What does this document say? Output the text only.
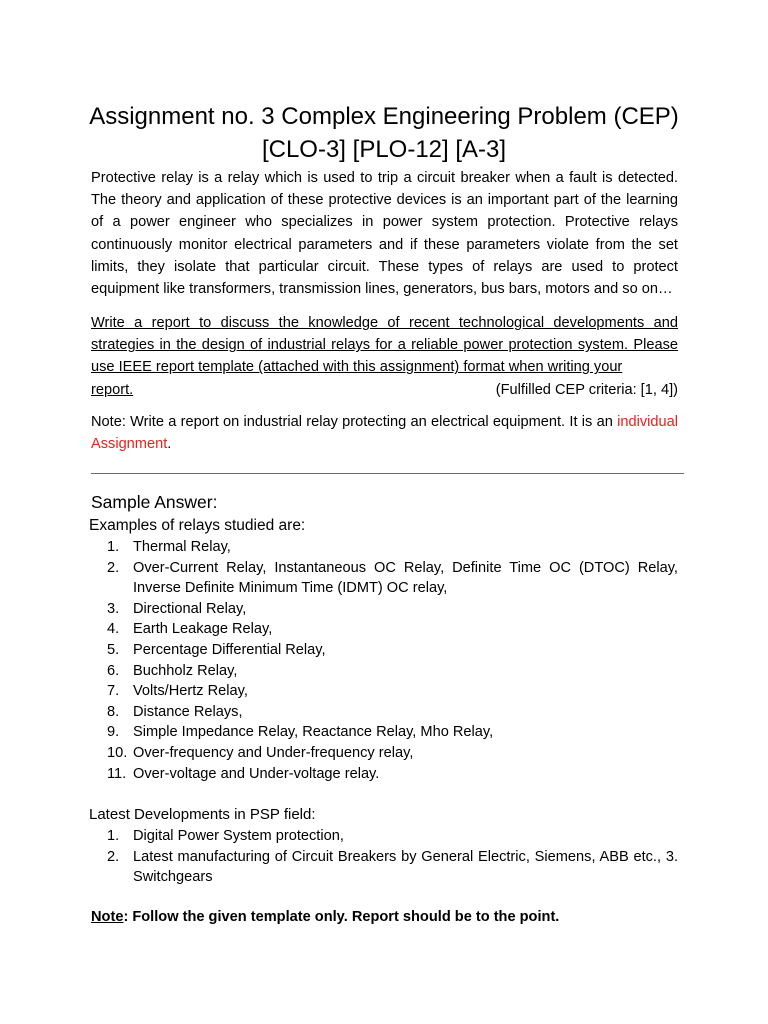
Assignment no. 3 Complex Engineering Problem (CEP)
[CLO-3] [PLO-12] [A-3]

Protective relay is a relay which is used to trip a circuit breaker when a fault is detected. The theory and application of these protective devices is an important part of the learning of a power engineer who specializes in power system protection. Protective relays continuously monitor electrical parameters and if these parameters violate from the set limits, they isolate that particular circuit. These types of relays are used to protect equipment like transformers, transmission lines, generators, bus bars, motors and so on…

Write a report to discuss the knowledge of recent technological developments and strategies in the design of industrial relays for a reliable power protection system. Please use IEEE report template (attached with this assignment) format when writing your
report.	(Fulfilled CEP criteria: [1, 4])

Note: Write a report on industrial relay protecting an electrical equipment. It is an individual Assignment.

Sample Answer:
Examples of relays studied are:
1. Thermal Relay,
2. Over-Current Relay, Instantaneous OC Relay, Definite Time OC (DTOC) Relay, Inverse Definite Minimum Time (IDMT) OC relay,
3. Directional Relay,
4. Earth Leakage Relay,
5. Percentage Differential Relay,
6. Buchholz Relay,
7. Volts/Hertz Relay,
8. Distance Relays,
9. Simple Impedance Relay, Reactance Relay, Mho Relay,
10. Over-frequency and Under-frequency relay,
11. Over-voltage and Under-voltage relay.
Latest Developments in PSP field:
1. Digital Power System protection,
2. Latest manufacturing of Circuit Breakers by General Electric, Siemens, ABB etc., 3. Switchgears

Note: Follow the given template only. Report should be to the point.
